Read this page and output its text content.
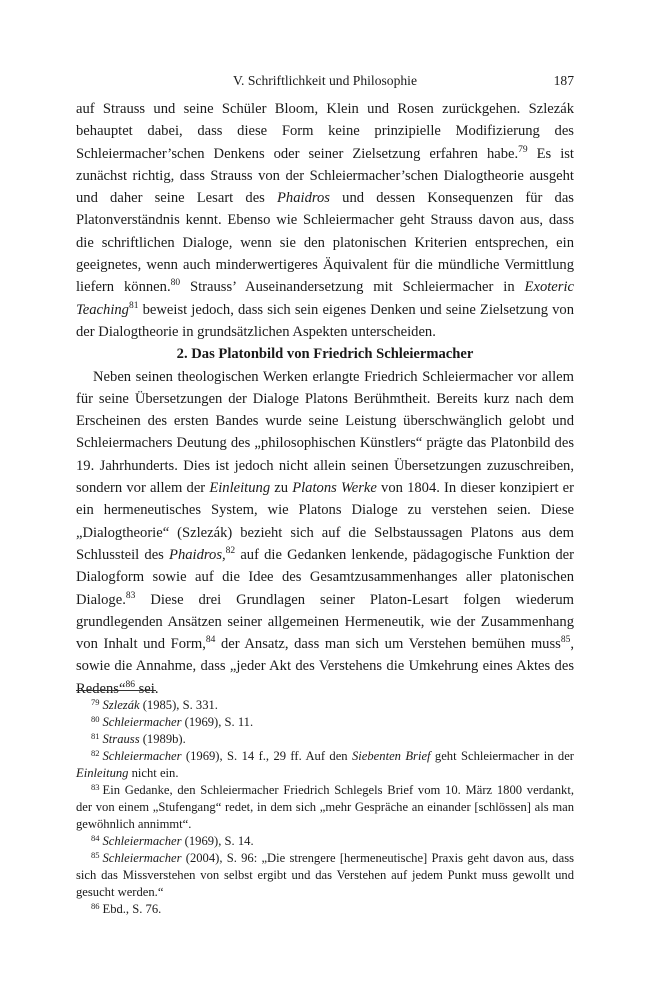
V. Schriftlichkeit und Philosophie	187

auf Strauss und seine Schüler Bloom, Klein und Rosen zurückgehen. Szlezák behauptet dabei, dass diese Form keine prinzipielle Modifizierung des Schleiermacher’schen Denkens oder seiner Zielsetzung erfahren habe.$^{79}$ Es ist zunächst richtig, dass Strauss von der Schleiermacher’schen Dialogtheorie ausgeht und daher seine Lesart des Phaidros und dessen Konsequenzen für das Platonverständnis kennt. Ebenso wie Schleiermacher geht Strauss davon aus, dass die schriftlichen Dialoge, wenn sie den platonischen Kriterien entsprechen, ein geeignetes, wenn auch minderwertigeres Äquivalent für die mündliche Vermittlung liefern können.$^{80}$ Strauss’ Auseinandersetzung mit Schleiermacher in Exoteric Teaching$^{81}$ beweist jedoch, dass sich sein eigenes Denken und seine Zielsetzung von der Dialogtheorie in grundsätzlichen Aspekten unterscheiden.

2. Das Platonbild von Friedrich Schleiermacher

Neben seinen theologischen Werken erlangte Friedrich Schleiermacher vor allem für seine Übersetzungen der Dialoge Platons Berühmtheit. Bereits kurz nach dem Erscheinen des ersten Bandes wurde seine Leistung überschwänglich gelobt und Schleiermachers Deutung des „philosophischen Künstlers“ prägte das Platonbild des 19. Jahrhunderts. Dies ist jedoch nicht allein seinen Übersetzungen zuzuschreiben, sondern vor allem der Einleitung zu Platons Werke von 1804. In dieser konzipiert er ein hermeneutisches System, wie Platons Dialoge zu verstehen seien. Diese „Dialogtheorie“ (Szlezák) bezieht sich auf die Selbstaussagen Platons aus dem Schlussteil des Phaidros,$^{82}$ auf die Gedanken lenkende, pädagogische Funktion der Dialogform sowie auf die Idee des Gesamtzusammenhanges aller platonischen Dialoge.$^{83}$ Diese drei Grundlagen seiner Platon-Lesart folgen wiederum grundlegenden Ansätzen seiner allgemeinen Hermeneutik, wie der Zusammenhang von Inhalt und Form,$^{84}$ der Ansatz, dass man sich um Verstehen bemühen muss$^{85}$, sowie die Annahme, dass „jeder Akt des Verstehens die Umkehrung eines Aktes des Redens“$^{86}$ sei.

$^{79}$ Szlezák (1985), S. 331.

$^{80}$ Schleiermacher (1969), S. 11.

$^{81}$ Strauss (1989b).

$^{82}$ Schleiermacher (1969), S. 14 f., 29 ff. Auf den Siebenten Brief geht Schleiermacher in der Einleitung nicht ein.

$^{83}$ Ein Gedanke, den Schleiermacher Friedrich Schlegels Brief vom 10. März 1800 verdankt, der von einem „Stufengang“ redet, in dem sich „mehr Gespräche an einander [schlössen] als man gewöhnlich annimmt“.

$^{84}$ Schleiermacher (1969), S. 14.

$^{85}$ Schleiermacher (2004), S. 96: „Die strengere [hermeneutische] Praxis geht davon aus, dass sich das Missverstehen von selbst ergibt und das Verstehen auf jedem Punkt muss gewollt und gesucht werden.“

$^{86}$ Ebd., S. 76.
